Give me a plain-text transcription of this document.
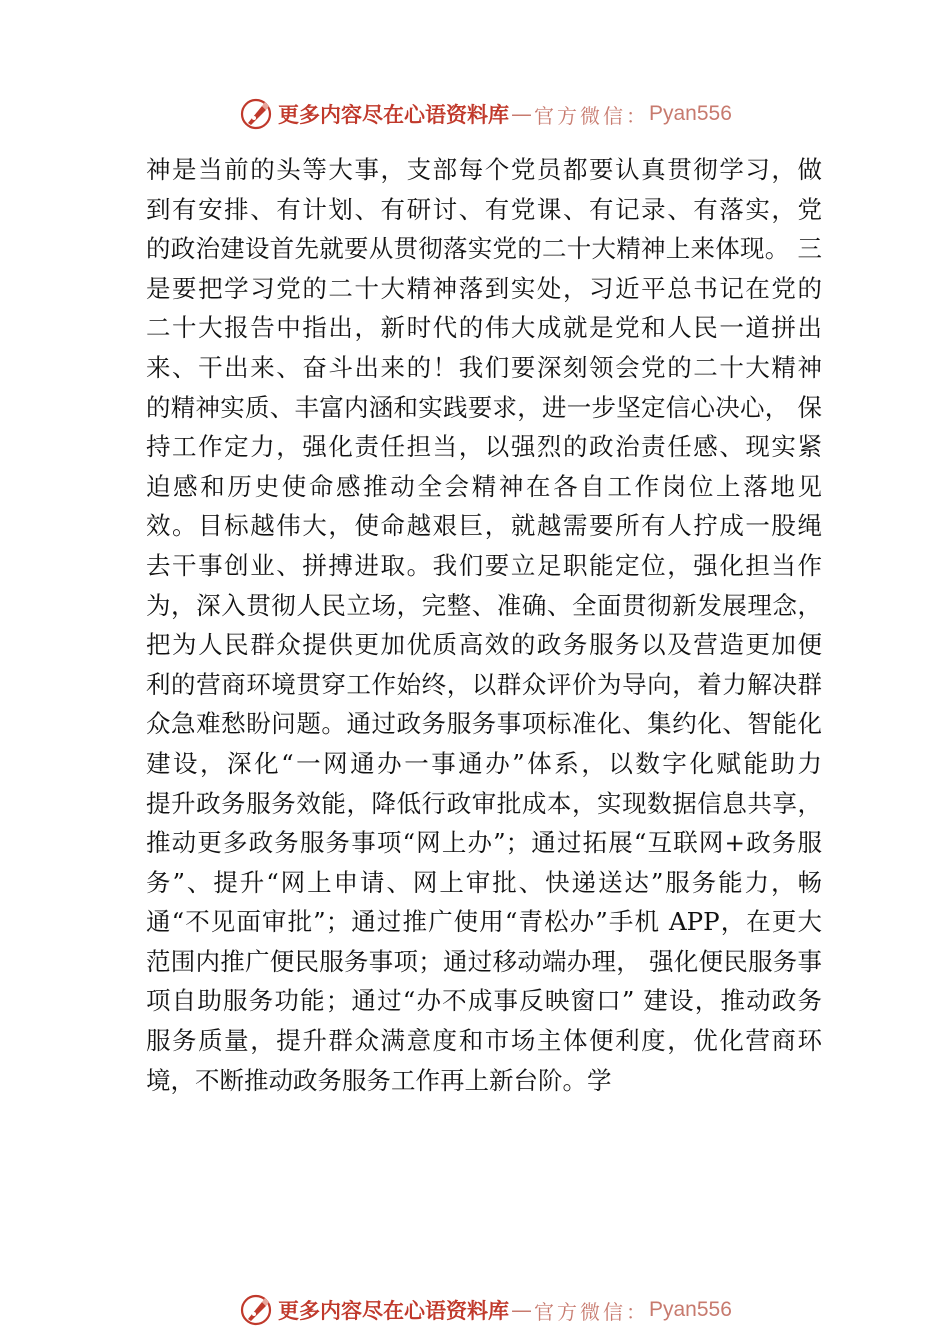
更多内容尽在心语资料库 — 官方微信： Pyan556
神是当前的头等大事，支部每个党员都要认真贯彻学习，做
到有安排、有计划、有研讨、有党课、有记录、有落实，党
的政治建设首先就要从贯彻落实党的二十大精神上来体现。 三
是要把学习党的二十大精神落到实处，习近平总书记在党的
二十大报告中指出，新时代的伟大成就是党和人民一道拼出
来、干出来、奋斗出来的！我们要深刻领会党的二十大精神
的精神实质、丰富内涵和实践要求，进一步坚定信心决心， 保
持工作定力，强化责任担当，以强烈的政治责任感、现实紧
迫感和历史使命感推动全会精神在各自工作岗位上落地见
效。目标越伟大，使命越艰巨，就越需要所有人拧成一股绳
去干事创业、拼搏进取。我们要立足职能定位，强化担当作
为，深入贯彻人民立场，完整、准确、全面贯彻新发展理念，
把为人民群众提供更加优质高效的政务服务以及营造更加便
利的营商环境贯穿工作始终，以群众评价为导向，着力解决群
众急难愁盼问题。通过政务服务事项标准化、集约化、智能化
建设，深化“一网通办一事通办”体系，以数字化赋能助力
提升政务服务效能，降低行政审批成本，实现数据信息共享，
推动更多政务服务事项“网上办”；通过拓展“互联网+政务服
务”、提升“网上申请、网上审批、快递送达”服务能力，畅
通“不见面审批”；通过推广使用“青松办”手机 APP，在更大
范围内推广便民服务事项；通过移动端办理， 强化便民服务事
项自助服务功能；通过“办不成事反映窗口” 建设，推动政务
服务质量，提升群众满意度和市场主体便利度，优化营商环
境，不断推动政务服务工作再上新台阶。学
更多内容尽在心语资料库 — 官方微信： Pyan556
